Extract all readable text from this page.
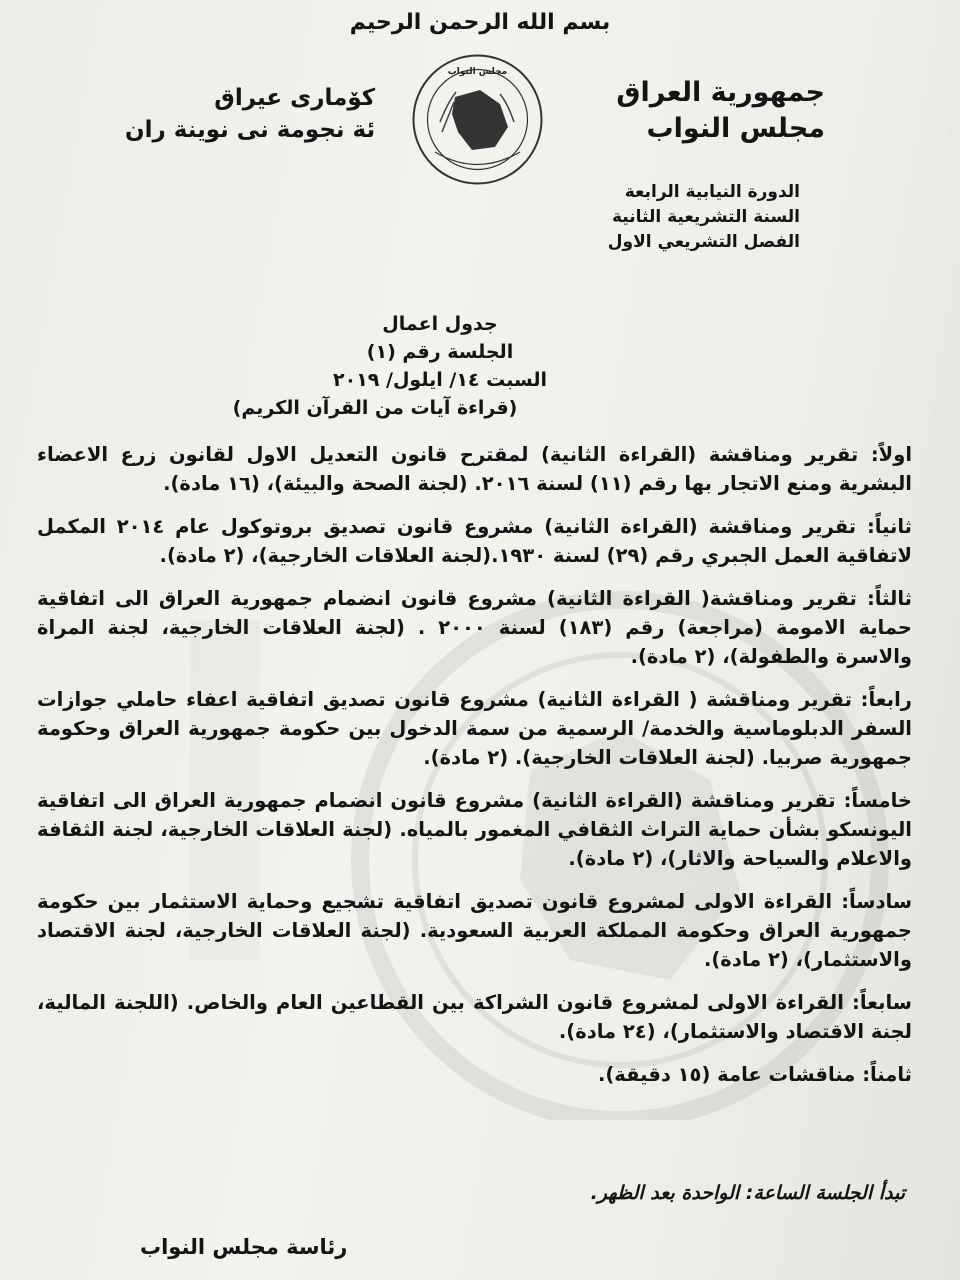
بسم الله الرحمن الرحيم
جمهورية العراق
مجلس النواب
مجلس النواب
كۆمارى عيراق
ئة نجومة نى نوينة ران
الدورة النيابية الرابعة
السنة التشريعية الثانية
الفصل التشريعي الاول
جدول اعمال
الجلسة رقم (١)
السبت ١٤/ ايلول/ ٢٠١٩
(قراءة آيات من القرآن الكريم)
اولاً: تقرير ومناقشة (القراءة الثانية) لمقترح قانون التعديل الاول لقانون زرع الاعضاء البشرية ومنع الاتجار بها رقم (١١) لسنة ٢٠١٦. (لجنة الصحة والبيئة)، (١٦ مادة).
ثانياً: تقرير ومناقشة (القراءة الثانية) مشروع قانون تصديق بروتوكول عام ٢٠١٤ المكمل لاتفاقية العمل الجبري رقم (٢٩) لسنة ١٩٣٠.(لجنة العلاقات الخارجية)، (٢ مادة).
ثالثاً: تقرير ومناقشة( القراءة الثانية) مشروع قانون انضمام جمهورية العراق الى اتفاقية حماية الامومة (مراجعة) رقم (١٨٣) لسنة ٢٠٠٠ . (لجنة العلاقات الخارجية، لجنة المراة والاسرة والطفولة)، (٢ مادة).
رابعاً: تقرير ومناقشة ( القراءة الثانية) مشروع قانون تصديق اتفاقية اعفاء حاملي جوازات السفر الدبلوماسية والخدمة/ الرسمية من سمة الدخول بين حكومة جمهورية العراق وحكومة جمهورية صربيا. (لجنة العلاقات الخارجية). (٢ مادة).
خامساً: تقرير ومناقشة (القراءة الثانية) مشروع قانون انضمام جمهورية العراق الى اتفاقية اليونسكو بشأن حماية التراث الثقافي المغمور بالمياه. (لجنة العلاقات الخارجية، لجنة الثقافة والاعلام والسياحة والاثار)، (٢ مادة).
سادساً: القراءة الاولى لمشروع قانون تصديق اتفاقية تشجيع وحماية الاستثمار بين حكومة جمهورية العراق وحكومة المملكة العربية السعودية. (لجنة العلاقات الخارجية، لجنة الاقتصاد والاستثمار)، (٢ مادة).
سابعاً: القراءة الاولى لمشروع قانون الشراكة بين القطاعين العام والخاص. (اللجنة المالية، لجنة الاقتصاد والاستثمار)، (٢٤ مادة).
ثامناً: مناقشات عامة (١٥ دقيقة).
تبدأ الجلسة الساعة: الواحدة بعد الظهر.
رئاسة مجلس النواب
